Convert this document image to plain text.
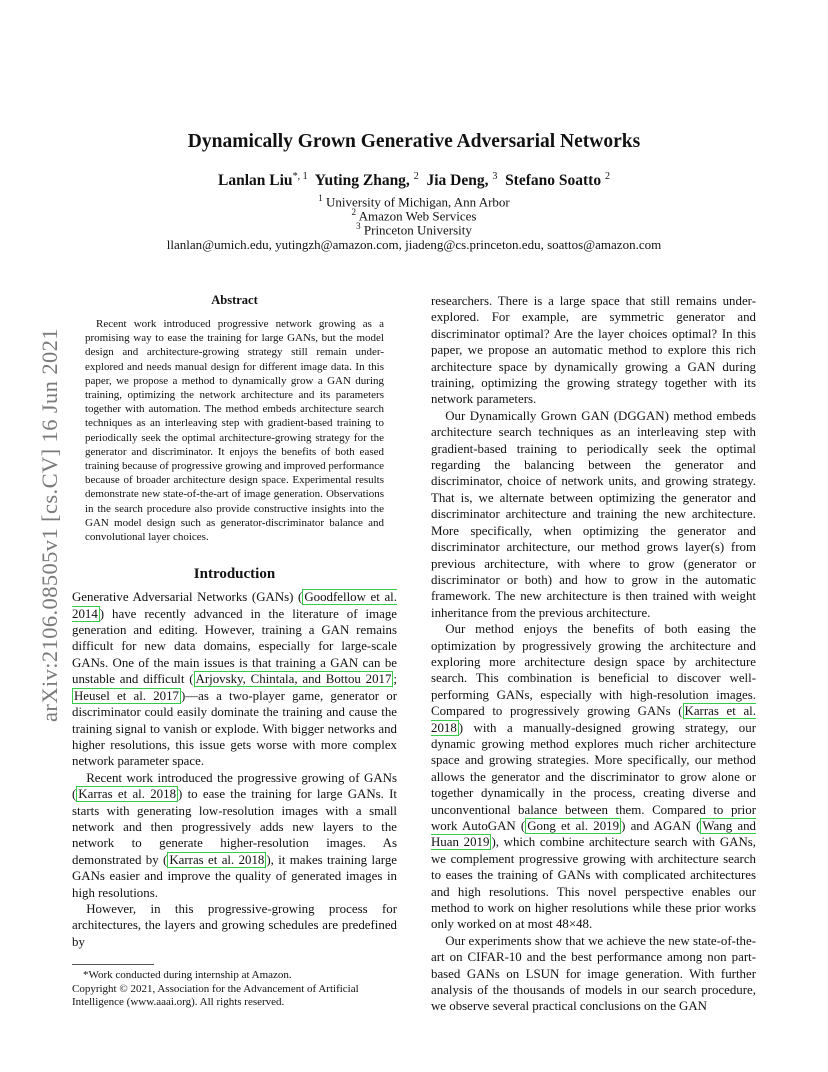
arXiv:2106.08505v1 [cs.CV] 16 Jun 2021
Dynamically Grown Generative Adversarial Networks
Lanlan Liu$^{*, 1}$ Yuting Zhang, $^2$ Jia Deng, $^3$ Stefano Soatto $^2$
$^1$ University of Michigan, Ann Arbor
$^2$ Amazon Web Services
$^3$ Princeton University
llanlan@umich.edu, yutingzh@amazon.com, jiadeng@cs.princeton.edu, soattos@amazon.com
Abstract

Recent work introduced progressive network growing as a promising way to ease the training for large GANs, but the model design and architecture-growing strategy still remain under-explored and needs manual design for different image data. In this paper, we propose a method to dynamically grow a GAN during training, optimizing the network architecture and its parameters together with automation. The method embeds architecture search techniques as an interleaving step with gradient-based training to periodically seek the optimal architecture-growing strategy for the generator and discriminator. It enjoys the benefits of both eased training because of progressive growing and improved performance because of broader architecture design space. Experimental results demonstrate new state-of-the-art of image generation. Observations in the search procedure also provide constructive insights into the GAN model design such as generator-discriminator balance and convolutional layer choices.

Introduction

Generative Adversarial Networks (GANs) ( Goodfellow et al. 2014 ) have recently advanced in the literature of image generation and editing. However, training a GAN remains difficult for new data domains, especially for large-scale GANs. One of the main issues is that training a GAN can be unstable and difficult ( Arjovsky, Chintala, and Bottou 2017 ; Heusel et al. 2017 )—as a two-player game, generator or discriminator could easily dominate the training and cause the training signal to vanish or explode. With bigger networks and higher resolutions, this issue gets worse with more complex network parameter space.

Recent work introduced the progressive growing of GANs ( Karras et al. 2018 ) to ease the training for large GANs. It starts with generating low-resolution images with a small network and then progressively adds new layers to the network to generate higher-resolution images. As demonstrated by ( Karras et al. 2018 ), it makes training large GANs easier and improve the quality of generated images in high resolutions.

However, in this progressive-growing process for architectures, the layers and growing schedules are predefined by

*Work conducted during internship at Amazon.

Copyright © 2021, Association for the Advancement of Artificial Intelligence (www.aaai.org). All rights reserved.

researchers. There is a large space that still remains under-explored. For example, are symmetric generator and discriminator optimal? Are the layer choices optimal? In this paper, we propose an automatic method to explore this rich architecture space by dynamically growing a GAN during training, optimizing the growing strategy together with its network parameters.

Our Dynamically Grown GAN (DGGAN) method embeds architecture search techniques as an interleaving step with gradient-based training to periodically seek the optimal regarding the balancing between the generator and discriminator, choice of network units, and growing strategy. That is, we alternate between optimizing the generator and discriminator architecture and training the new architecture. More specifically, when optimizing the generator and discriminator architecture, our method grows layer(s) from previous architecture, with where to grow (generator or discriminator or both) and how to grow in the automatic framework. The new architecture is then trained with weight inheritance from the previous architecture.

Our method enjoys the benefits of both easing the optimization by progressively growing the architecture and exploring more architecture design space by architecture search. This combination is beneficial to discover well-performing GANs, especially with high-resolution images. Compared to progressively growing GANs ( Karras et al. 2018 ) with a manually-designed growing strategy, our dynamic growing method explores much richer architecture space and growing strategies. More specifically, our method allows the generator and the discriminator to grow alone or together dynamically in the process, creating diverse and unconventional balance between them. Compared to prior work AutoGAN ( Gong et al. 2019 ) and AGAN ( Wang and Huan 2019 ), which combine architecture search with GANs, we complement progressive growing with architecture search to eases the training of GANs with complicated architectures and high resolutions. This novel perspective enables our method to work on higher resolutions while these prior works only worked on at most 48×48.

Our experiments show that we achieve the new state-of-the-art on CIFAR-10 and the best performance among non part-based GANs on LSUN for image generation. With further analysis of the thousands of models in our search procedure, we observe several practical conclusions on the GAN
